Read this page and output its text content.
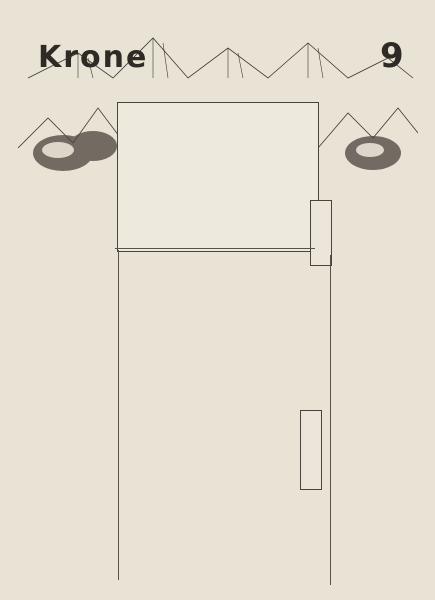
Krone	9
